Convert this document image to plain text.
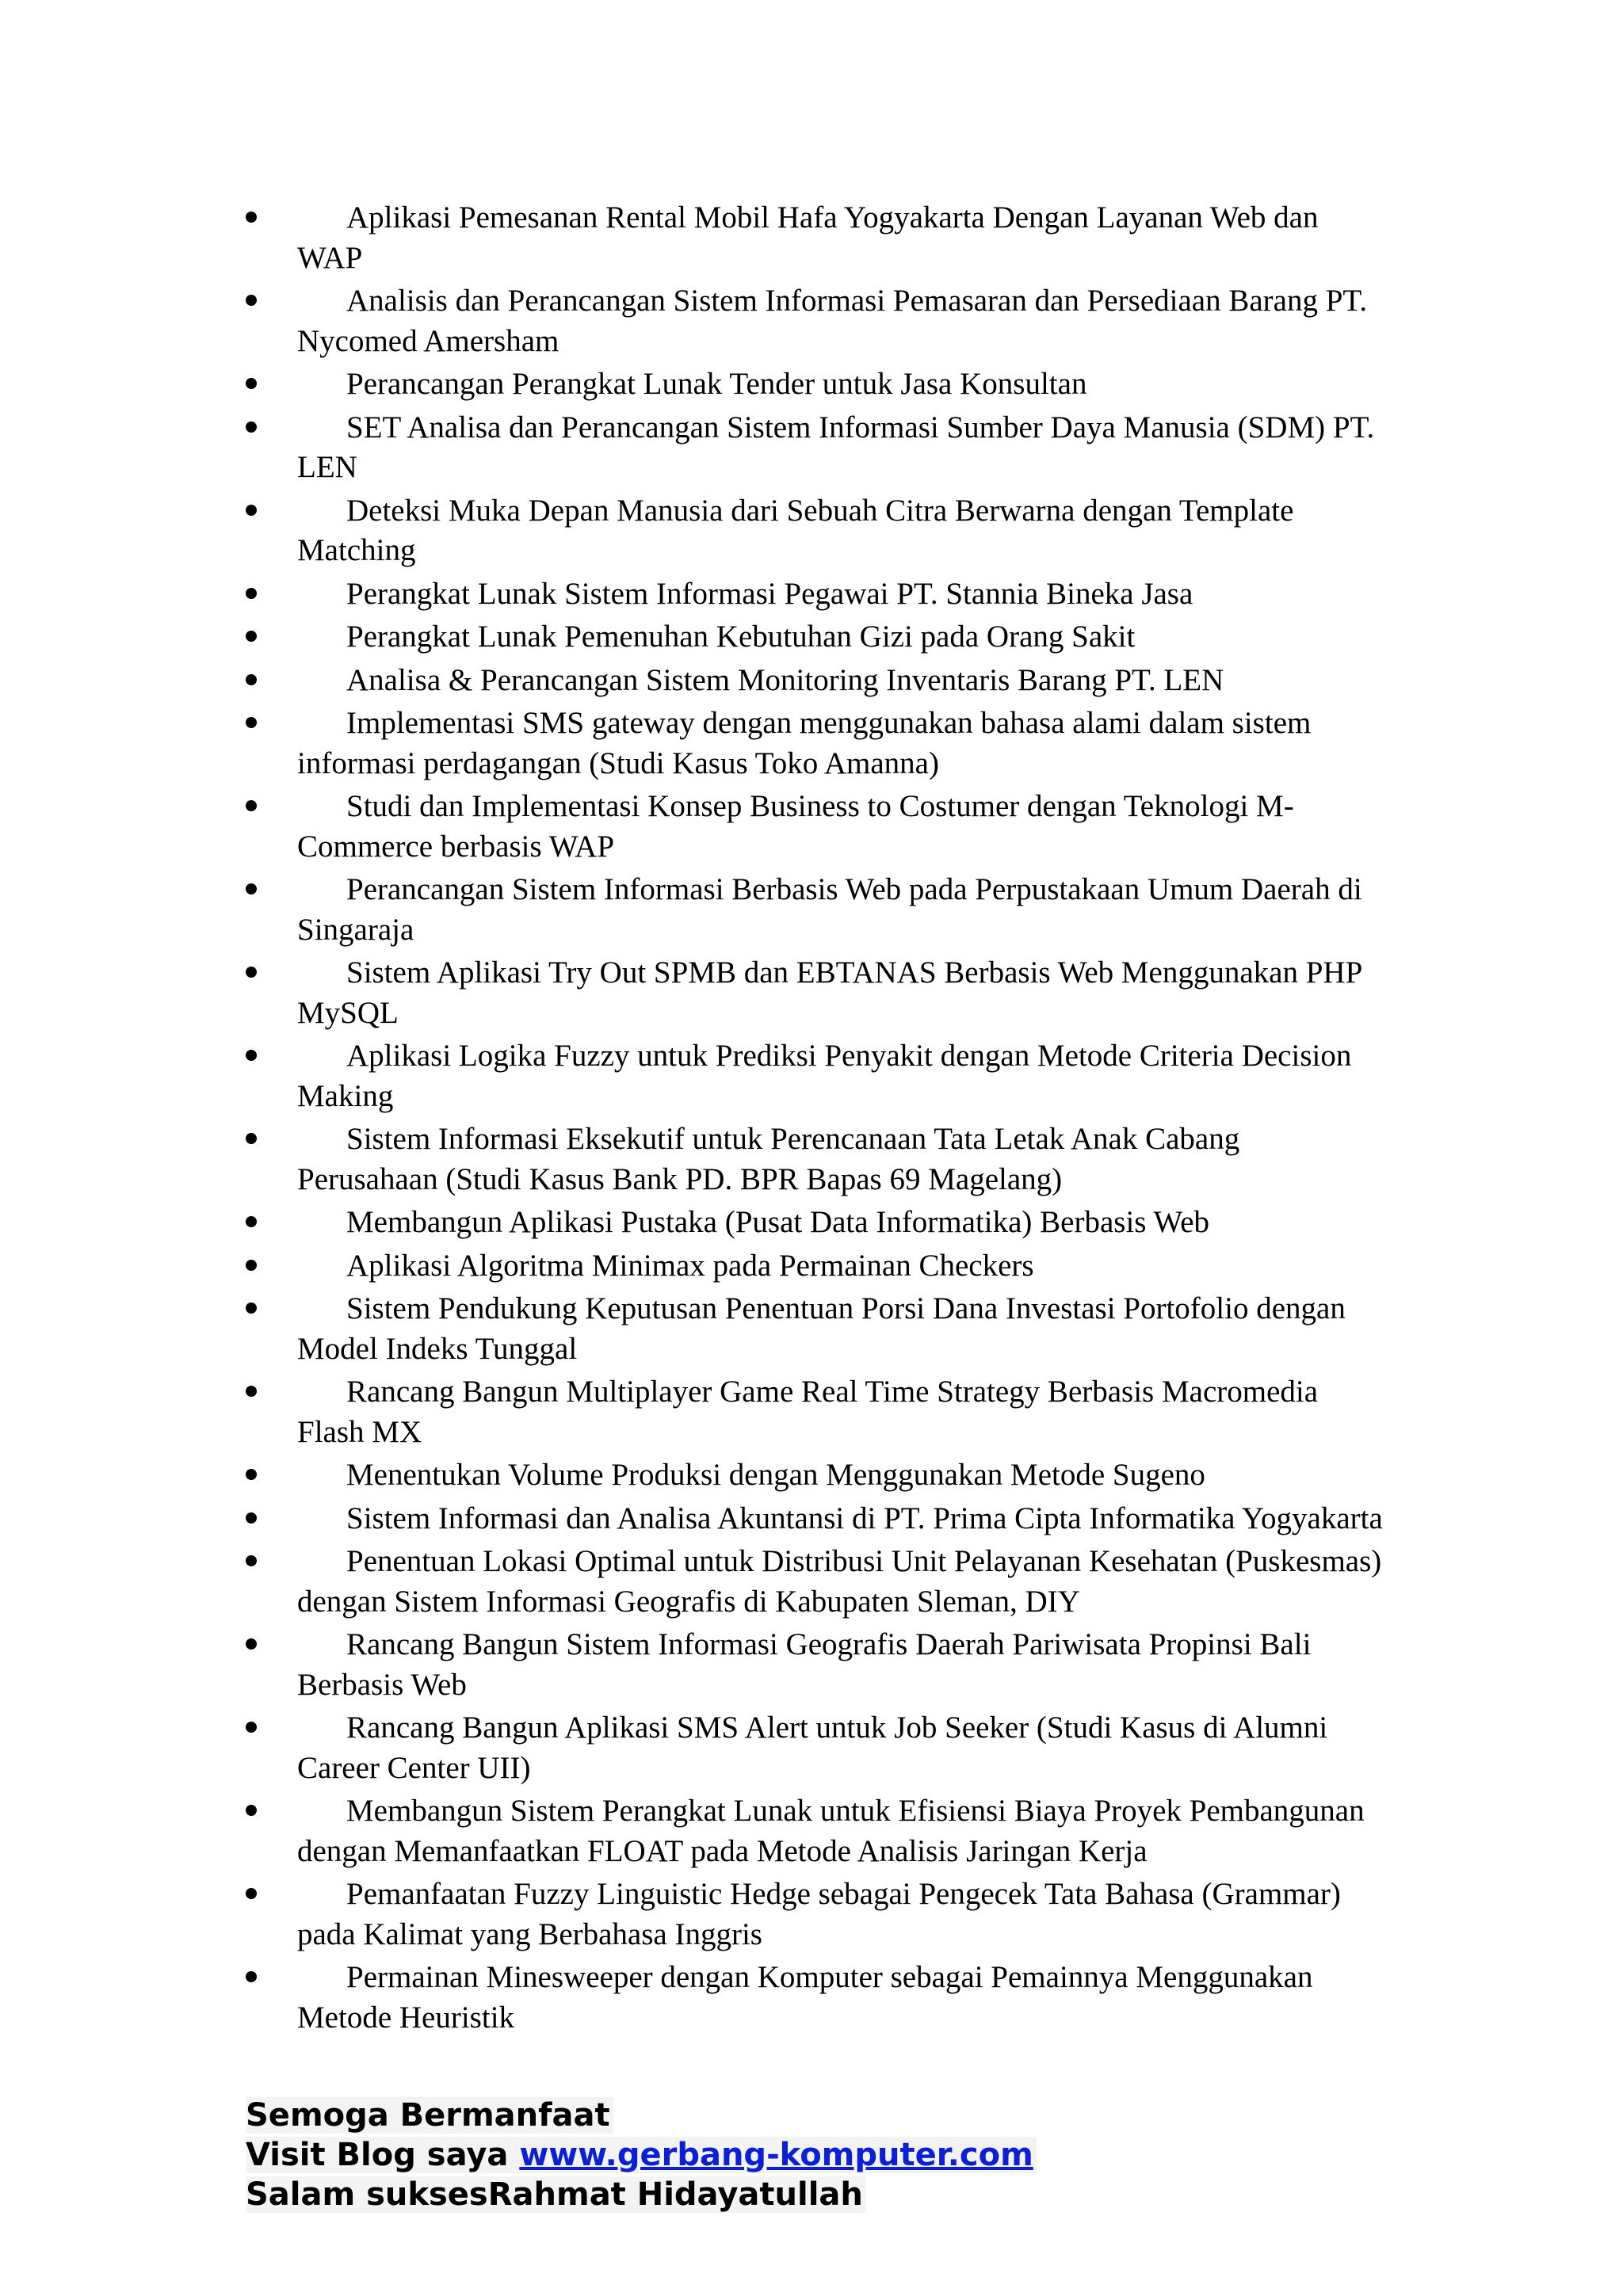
Aplikasi Pemesanan Rental Mobil Hafa Yogyakarta Dengan Layanan Web dan WAP
Analisis dan Perancangan Sistem Informasi Pemasaran dan Persediaan Barang PT. Nycomed Amersham
Perancangan Perangkat Lunak Tender untuk Jasa Konsultan
SET Analisa dan Perancangan Sistem Informasi Sumber Daya Manusia (SDM) PT. LEN
Deteksi Muka Depan Manusia dari Sebuah Citra Berwarna dengan Template Matching
Perangkat Lunak Sistem Informasi Pegawai PT. Stannia Bineka Jasa
Perangkat Lunak Pemenuhan Kebutuhan Gizi pada Orang Sakit
Analisa & Perancangan Sistem Monitoring Inventaris Barang PT. LEN
Implementasi SMS gateway dengan menggunakan bahasa alami dalam sistem informasi perdagangan (Studi Kasus Toko Amanna)
Studi dan Implementasi Konsep Business to Costumer dengan Teknologi M-Commerce berbasis WAP
Perancangan Sistem Informasi Berbasis Web pada Perpustakaan Umum Daerah di Singaraja
Sistem Aplikasi Try Out SPMB dan EBTANAS Berbasis Web Menggunakan PHP MySQL
Aplikasi Logika Fuzzy untuk Prediksi Penyakit dengan Metode Criteria Decision Making
Sistem Informasi Eksekutif untuk Perencanaan Tata Letak Anak Cabang Perusahaan (Studi Kasus Bank PD. BPR Bapas 69 Magelang)
Membangun Aplikasi Pustaka (Pusat Data Informatika) Berbasis Web
Aplikasi Algoritma Minimax pada Permainan Checkers
Sistem Pendukung Keputusan Penentuan Porsi Dana Investasi Portofolio dengan Model Indeks Tunggal
Rancang Bangun Multiplayer Game Real Time Strategy Berbasis Macromedia Flash MX
Menentukan Volume Produksi dengan Menggunakan Metode Sugeno
Sistem Informasi dan Analisa Akuntansi di PT. Prima Cipta Informatika Yogyakarta
Penentuan Lokasi Optimal untuk Distribusi Unit Pelayanan Kesehatan (Puskesmas) dengan Sistem Informasi Geografis di Kabupaten Sleman, DIY
Rancang Bangun Sistem Informasi Geografis Daerah Pariwisata Propinsi Bali Berbasis Web
Rancang Bangun Aplikasi SMS Alert untuk Job Seeker (Studi Kasus di Alumni Career Center UII)
Membangun Sistem Perangkat Lunak untuk Efisiensi Biaya Proyek Pembangunan dengan Memanfaatkan FLOAT pada Metode Analisis Jaringan Kerja
Pemanfaatan Fuzzy Linguistic Hedge sebagai Pengecek Tata Bahasa (Grammar) pada Kalimat yang Berbahasa Inggris
Permainan Minesweeper dengan Komputer sebagai Pemainnya Menggunakan Metode Heuristik
Semoga Bermanfaat
Visit Blog saya www.gerbang-komputer.com
Salam suksesRahmat Hidayatullah
